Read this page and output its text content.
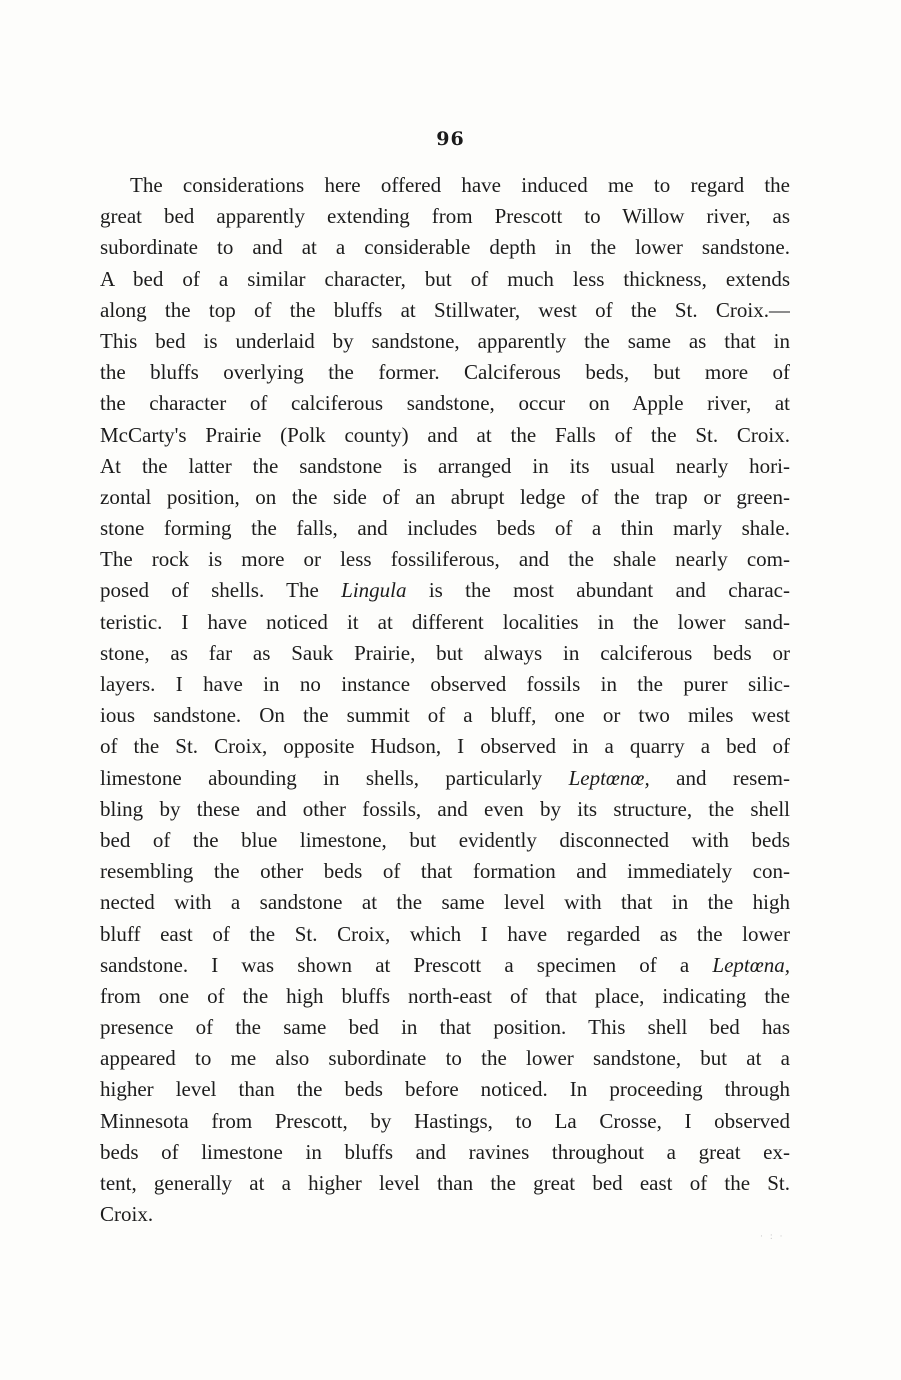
96
The considerations here offered have induced me to regard the
great bed apparently extending from Prescott to Willow river, as
subordinate to and at a considerable depth in the lower sandstone.
A bed of a similar character, but of much less thickness, extends
along the top of the bluffs at Stillwater, west of the St. Croix.—
This bed is underlaid by sandstone, apparently the same as that in
the bluffs overlying the former. Calciferous beds, but more of
the character of calciferous sandstone, occur on Apple river, at
McCarty's Prairie (Polk county) and at the Falls of the St. Croix.
At the latter the sandstone is arranged in its usual nearly hori-
zontal position, on the side of an abrupt ledge of the trap or green-
stone forming the falls, and includes beds of a thin marly shale.
The rock is more or less fossiliferous, and the shale nearly com-
posed of shells. The Lingula is the most abundant and charac-
teristic. I have noticed it at different localities in the lower sand-
stone, as far as Sauk Prairie, but always in calciferous beds or
layers. I have in no instance observed fossils in the purer silic-
ious sandstone. On the summit of a bluff, one or two miles west
of the St. Croix, opposite Hudson, I observed in a quarry a bed of
limestone abounding in shells, particularly Leptœnœ, and resem-
bling by these and other fossils, and even by its structure, the shell
bed of the blue limestone, but evidently disconnected with beds
resembling the other beds of that formation and immediately con-
nected with a sandstone at the same level with that in the high
bluff east of the St. Croix, which I have regarded as the lower
sandstone. I was shown at Prescott a specimen of a Leptœna,
from one of the high bluffs north-east of that place, indicating the
presence of the same bed in that position. This shell bed has
appeared to me also subordinate to the lower sandstone, but at a
higher level than the beds before noticed. In proceeding through
Minnesota from Prescott, by Hastings, to La Crosse, I observed
beds of limestone in bluffs and ravines throughout a great ex-
tent, generally at a higher level than the great bed east of the St.
Croix.
· : ·
